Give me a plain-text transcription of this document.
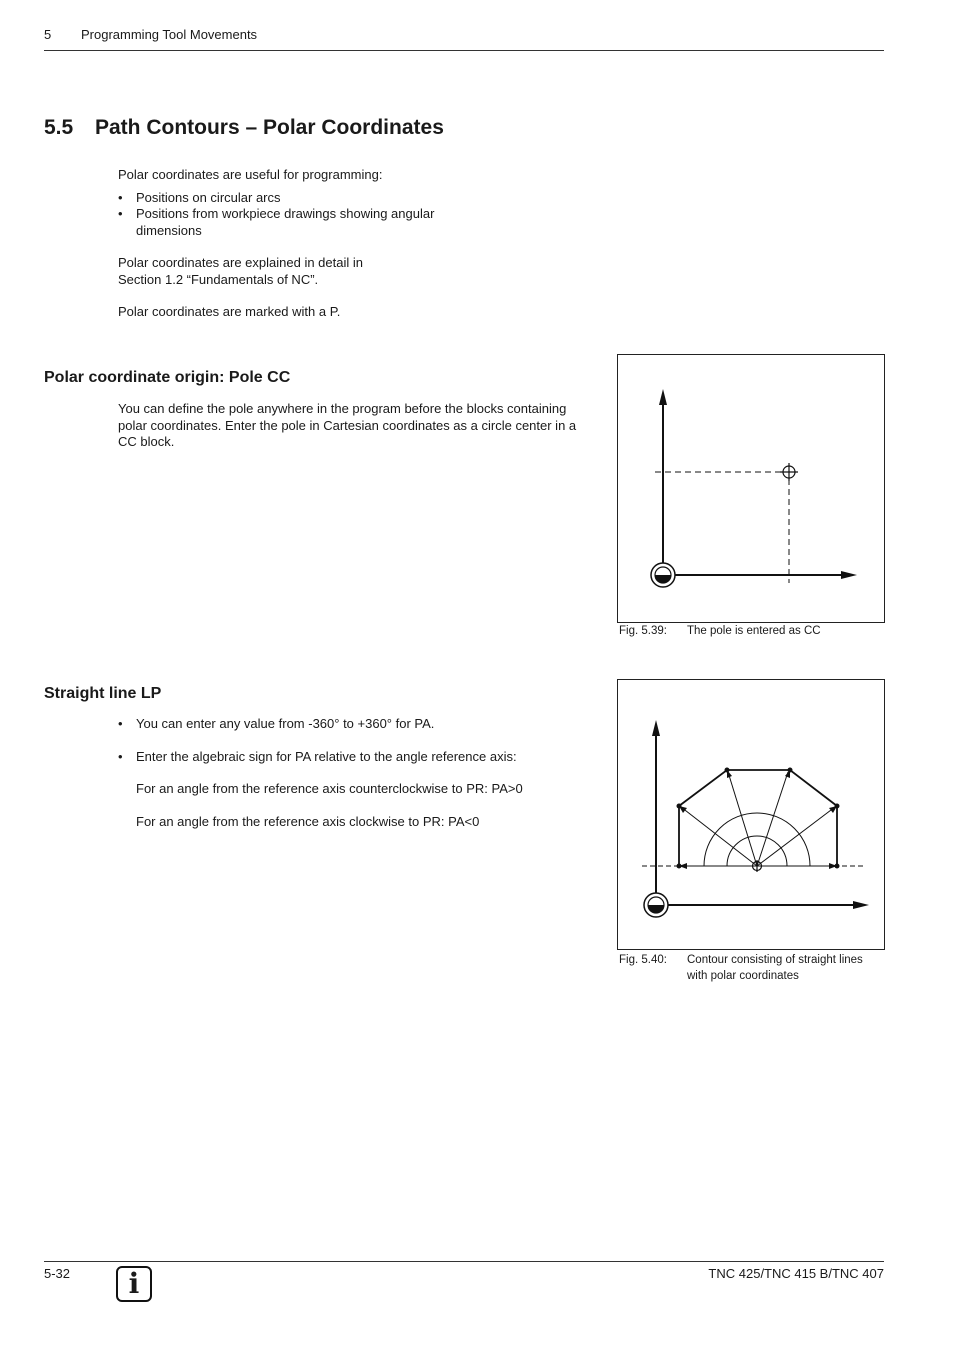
5 Programming Tool Movements
5.5 Path Contours – Polar Coordinates
Polar coordinates are useful for programming:
• Positions on circular arcs
• Positions from workpiece drawings showing angular dimensions
Polar coordinates are explained in detail in
Section 1.2 “Fundamentals of NC”.
Polar coordinates are marked with a P.
Polar coordinate origin: Pole CC
You can define the pole anywhere in the program before the blocks containing polar coordinates. Enter the pole in Cartesian coordinates as a circle center in a CC block.
Fig. 5.39: The pole is entered as CC
Straight line LP
• You can enter any value from -360° to +360° for PA.
• Enter the algebraic sign for PA relative to the angle reference axis:
For an angle from the reference axis counterclockwise to PR: PA>0
For an angle from the reference axis clockwise to PR: PA<0
Fig. 5.40: Contour consisting of straight lines
with polar coordinates
5-32	i	TNC 425/TNC 415 B/TNC 407
